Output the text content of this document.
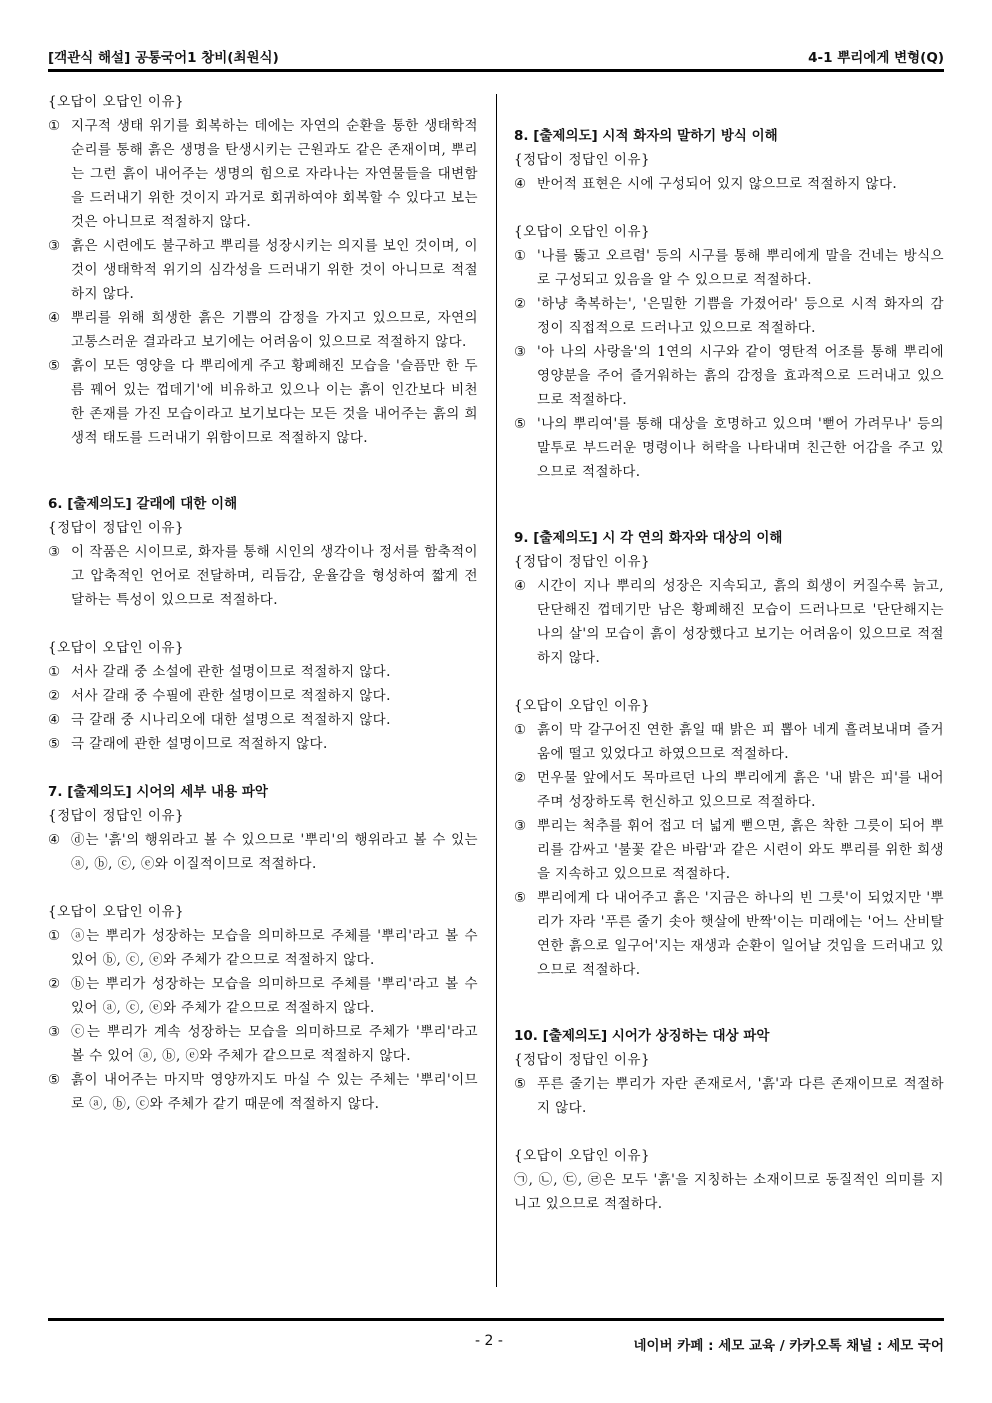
[객관식 해설] 공통국어1 창비(최원식)	4-1 뿌리에게 변형(Q)

{오답이 오답인 이유}

① 지구적 생태 위기를 회복하는 데에는 자연의 순환을 통한 생태학적 순리를 통해 흙은 생명을 탄생시키는 근원과도 같은 존재이며, 뿌리는 그런 흙이 내어주는 생명의 힘으로 자라나는 자연물들을 대변함을 드러내기 위한 것이지 과거로 회귀하여야 회복할 수 있다고 보는 것은 아니므로 적절하지 않다.
③ 흙은 시련에도 불구하고 뿌리를 성장시키는 의지를 보인 것이며, 이것이 생태학적 위기의 심각성을 드러내기 위한 것이 아니므로 적절하지 않다.
④ 뿌리를 위해 희생한 흙은 기쁨의 감정을 가지고 있으므로, 자연의 고통스러운 결과라고 보기에는 어려움이 있으므로 적절하지 않다.
⑤ 흙이 모든 영양을 다 뿌리에게 주고 황폐해진 모습을 '슬픔만 한 두름 꿰어 있는 껍데기'에 비유하고 있으나 이는 흙이 인간보다 비천한 존재를 가진 모습이라고 보기보다는 모든 것을 내어주는 흙의 희생적 태도를 드러내기 위함이므로 적절하지 않다.

6. [출제의도] 갈래에 대한 이해

{정답이 정답인 이유}

③ 이 작품은 시이므로, 화자를 통해 시인의 생각이나 정서를 함축적이고 압축적인 언어로 전달하며, 리듬감, 운율감을 형성하여 짧게 전달하는 특성이 있으므로 적절하다.

{오답이 오답인 이유}

① 서사 갈래 중 소설에 관한 설명이므로 적절하지 않다.
② 서사 갈래 중 수필에 관한 설명이므로 적절하지 않다.
④ 극 갈래 중 시나리오에 대한 설명으로 적절하지 않다.
⑤ 극 갈래에 관한 설명이므로 적절하지 않다.

7. [출제의도] 시어의 세부 내용 파악

{정답이 정답인 이유}

④ ⓓ는 '흙'의 행위라고 볼 수 있으므로 '뿌리'의 행위라고 볼 수 있는 ⓐ, ⓑ, ⓒ, ⓔ와 이질적이므로 적절하다.

{오답이 오답인 이유}

① ⓐ는 뿌리가 성장하는 모습을 의미하므로 주체를 '뿌리'라고 볼 수 있어 ⓑ, ⓒ, ⓔ와 주체가 같으므로 적절하지 않다.
② ⓑ는 뿌리가 성장하는 모습을 의미하므로 주체를 '뿌리'라고 볼 수 있어 ⓐ, ⓒ, ⓔ와 주체가 같으므로 적절하지 않다.
③ ⓒ는 뿌리가 계속 성장하는 모습을 의미하므로 주체가 '뿌리'라고 볼 수 있어 ⓐ, ⓑ, ⓔ와 주체가 같으므로 적절하지 않다.
⑤ 흙이 내어주는 마지막 영양까지도 마실 수 있는 주체는 '뿌리'이므로 ⓐ, ⓑ, ⓒ와 주체가 같기 때문에 적절하지 않다.

8. [출제의도] 시적 화자의 말하기 방식 이해

{정답이 정답인 이유}

④ 반어적 표현은 시에 구성되어 있지 않으므로 적절하지 않다.

{오답이 오답인 이유}

① '나를 뚫고 오르렴' 등의 시구를 통해 뿌리에게 말을 건네는 방식으로 구성되고 있음을 알 수 있으므로 적절하다.
② '하냥 축복하는', '은밀한 기쁨을 가졌어라' 등으로 시적 화자의 감정이 직접적으로 드러나고 있으므로 적절하다.
③ '아 나의 사랑을'의 1연의 시구와 같이 영탄적 어조를 통해 뿌리에 영양분을 주어 즐거워하는 흙의 감정을 효과적으로 드러내고 있으므로 적절하다.
⑤ '나의 뿌리여'를 통해 대상을 호명하고 있으며 '뻗어 가려무나' 등의 말투로 부드러운 명령이나 허락을 나타내며 친근한 어감을 주고 있으므로 적절하다.

9. [출제의도] 시 각 연의 화자와 대상의 이해

{정답이 정답인 이유}

④ 시간이 지나 뿌리의 성장은 지속되고, 흙의 희생이 커질수록 늙고, 단단해진 껍데기만 남은 황폐해진 모습이 드러나므로 '단단해지는 나의 살'의 모습이 흙이 성장했다고 보기는 어려움이 있으므로 적절하지 않다.

{오답이 오답인 이유}

① 흙이 막 갈구어진 연한 흙일 때 밝은 피 뽑아 네게 흘려보내며 즐거움에 떨고 있었다고 하였으므로 적절하다.
② 먼우물 앞에서도 목마르던 나의 뿌리에게 흙은 '내 밝은 피'를 내어주며 성장하도록 헌신하고 있으므로 적절하다.
③ 뿌리는 척추를 휘어 접고 더 넓게 뻗으면, 흙은 착한 그릇이 되어 뿌리를 감싸고 '불꽃 같은 바람'과 같은 시련이 와도 뿌리를 위한 희생을 지속하고 있으므로 적절하다.
⑤ 뿌리에게 다 내어주고 흙은 '지금은 하나의 빈 그릇'이 되었지만 '뿌리가 자라 '푸른 줄기 솟아 햇살에 반짝'이는 미래에는 '어느 산비탈 연한 흙으로 일구어'지는 재생과 순환이 일어날 것임을 드러내고 있으므로 적절하다.

10. [출제의도] 시어가 상징하는 대상 파악

{정답이 정답인 이유}

⑤ 푸른 줄기는 뿌리가 자란 존재로서, '흙'과 다른 존재이므로 적절하지 않다.

{오답이 오답인 이유}

㉠, ㉡, ㉢, ㉣은 모두 '흙'을 지칭하는 소재이므로 동질적인 의미를 지니고 있으므로 적절하다.
- 2 -	네이버 카페 : 세모 교육 / 카카오톡 채널 : 세모 국어
